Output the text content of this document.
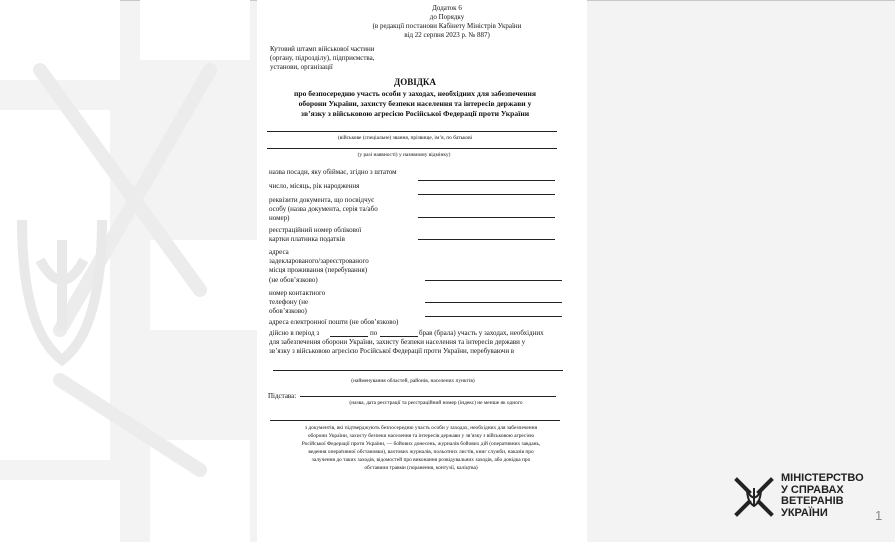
Додаток 6
до Порядку
(в редакції постанови Кабінету Міністрів України
від 22 серпня 2023 р. № 887)
Кутовий штамп військової частини
(органу, підрозділу), підприємства,
установи, організації
ДОВІДКА
про безпосередню участь особи у заходах, необхідних для забезпечення
оборони України, захисту безпеки населення та інтересів держави у
зв’язку з військовою агресією Російської Федерації проти України
(військове (спеціальне) звання, прізвище, ім’я, по батькові
(у разі наявності) у називному відмінку)
назва посади, яку обіймає, згідно з штатом
число, місяць, рік народження
реквізити документа, що посвідчує
особу (назва документа, серія та/або
номер)
реєстраційний номер облікової
картки платника податків
адреса
задекларованого/зареєстрованого
місця проживання (перебування)
(не обов’язково)
номер контактного
телефону (не
обов’язково)
адреса електронної пошти (не обов’язково)
дійсно в період з	по	брав (брала) участь у заходах, необхідних
для забезпечення оборони України, захисту безпеки населення та інтересів держави у
зв’язку з військовою агресією Російської Федерації проти України, перебуваючи в
(найменування областей, районів, населених пунктів)
Підстава:
(назва, дата реєстрації та реєстраційний номер (індекс) не менше як одного
з документів, які підтверджують безпосередню участь особи у заходах, необхідних для забезпечення
оборони України, захисту безпеки населення та інтересів держави у зв’язку з військовою агресією
Російської Федерації проти України, — бойових донесень, журналів бойових дій (оперативних завдань,
ведення оперативної обстановки), вахтових журналів, польотних листів, книг служби, наказів про
залучення до таких заходів, відомостей про виконання розвідувальних заходів, або довідка про
обставини травми (поранення, контузії, каліцтва)
МІНІСТЕРСТВО
У СПРАВАХ
ВЕТЕРАНІВ
УКРАЇНИ	1
